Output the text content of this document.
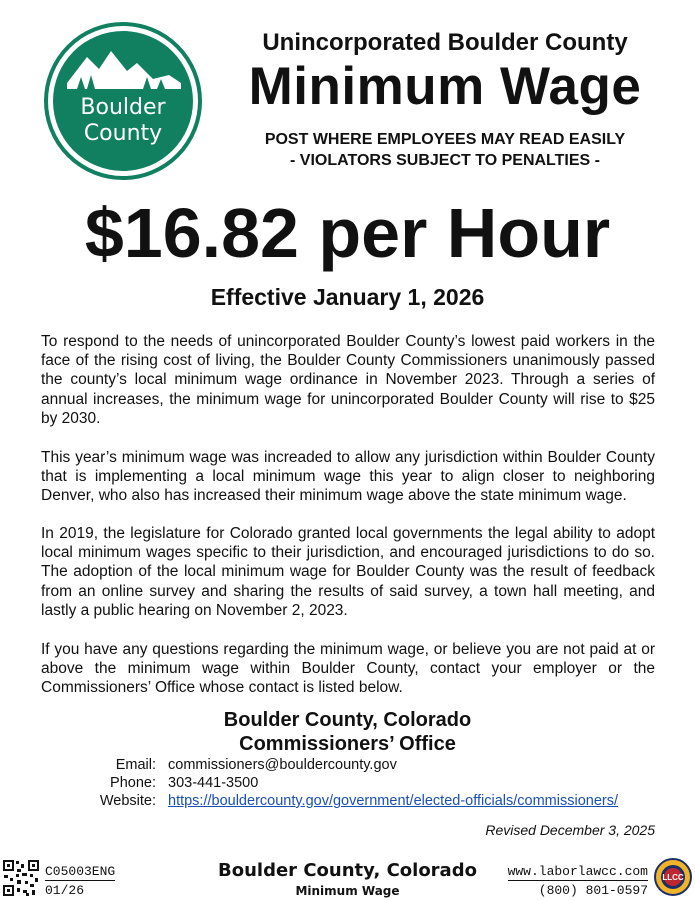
Boulder
County
Unincorporated Boulder County
Minimum Wage
POST WHERE EMPLOYEES MAY READ EASILY
- VIOLATORS SUBJECT TO PENALTIES -
$16.82 per Hour
Effective January 1, 2026

To respond to the needs of unincorporated Boulder County’s lowest paid workers in the face of the rising cost of living, the Boulder County Commissioners unanimously passed the county’s local minimum wage ordinance in November 2023. Through a series of annual increases, the minimum wage for unincorporated Boulder County will rise to $25 by 2030.

This year’s minimum wage was increaded to allow any jurisdiction within Boulder County that is implementing a local minimum wage this year to align closer to neighboring Denver, who also has increased their minimum wage above the state minimum wage.

In 2019, the legislature for Colorado granted local governments the legal ability to adopt local minimum wages specific to their jurisdiction, and encouraged jurisdictions to do so. The adoption of the local minimum wage for Boulder County was the result of feedback from an online survey and sharing the results of said survey, a town hall meeting, and lastly a public hearing on November 2, 2023.

If you have any questions regarding the minimum wage, or believe you are not paid at or above the minimum wage within Boulder County, contact your employer or the Commissioners’ Office whose contact is listed below.

Boulder County, Colorado
Commissioners’ Office
Email: commissioners@bouldercounty.gov
Phone: 303-441-3500
Website: https://bouldercounty.gov/government/elected-officials/commissioners/
Revised December 3, 2025
C05003ENG
01/26
Boulder County, Colorado
Minimum Wage
www.laborlawcc.com
(800) 801-0597
LLCC
